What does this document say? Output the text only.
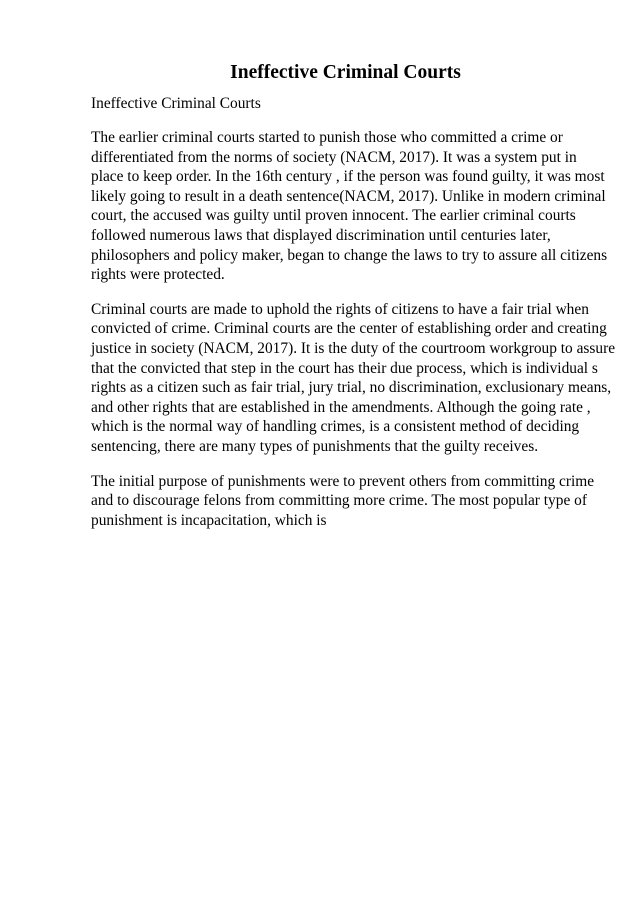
Ineffective Criminal Courts

Ineffective Criminal Courts

The earlier criminal courts started to punish those who committed a crime or
differentiated from the norms of society (NACM, 2017). It was a system put in
place to keep order. In the 16th century , if the person was found guilty, it was most
likely going to result in a death sentence(NACM, 2017). Unlike in modern criminal
court, the accused was guilty until proven innocent. The earlier criminal courts
followed numerous laws that displayed discrimination until centuries later,
philosophers and policy maker, began to change the laws to try to assure all citizens
rights were protected.

Criminal courts are made to uphold the rights of citizens to have a fair trial when
convicted of crime. Criminal courts are the center of establishing order and creating
justice in society (NACM, 2017). It is the duty of the courtroom workgroup to assure
that the convicted that step in the court has their due process, which is individual s
rights as a citizen such as fair trial, jury trial, no discrimination, exclusionary means,
and other rights that are established in the amendments. Although the going rate ,
which is the normal way of handling crimes, is a consistent method of deciding
sentencing, there are many types of punishments that the guilty receives.

The initial purpose of punishments were to prevent others from committing crime
and to discourage felons from committing more crime. The most popular type of
punishment is incapacitation, which is
